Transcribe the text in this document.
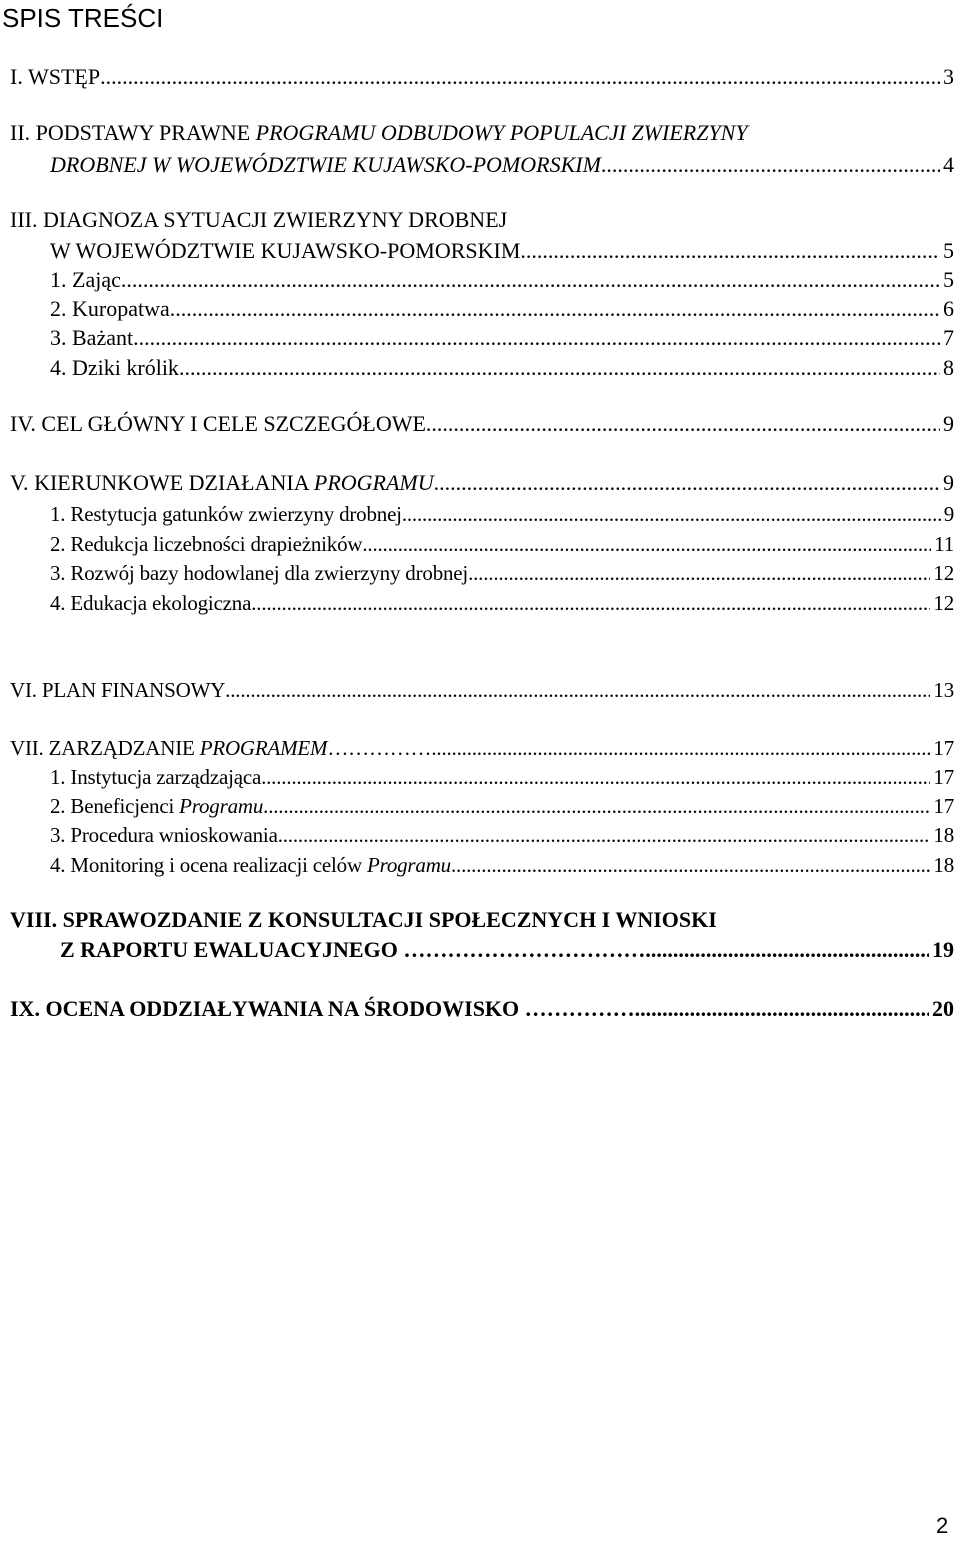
SPIS TREŚCI
I. WSTĘP .....	3
II. PODSTAWY PRAWNE PROGRAMU ODBUDOWY POPULACJI ZWIERZYNY
DROBNEJ W WOJEWÓDZTWIE KUJAWSKO-POMORSKIM .....	4
III. DIAGNOZA SYTUACJI ZWIERZYNY DROBNEJ
W WOJEWÓDZTWIE KUJAWSKO-POMORSKIM .....	5
1. Zając .....	5
2. Kuropatwa .....	6
3. Bażant .....	7
4. Dziki królik .....	8
IV. CEL GŁÓWNY I CELE SZCZEGÓŁOWE .....	9
V. KIERUNKOWE DZIAŁANIA PROGRAMU .....	9
1. Restytucja gatunków zwierzyny drobnej .....	9
2. Redukcja liczebności drapieżników .....	11
3. Rozwój bazy hodowlanej dla zwierzyny drobnej .....	12
4. Edukacja ekologiczna .....	12
VI. PLAN FINANSOWY .....	13
VII. ZARZĄDZANIE PROGRAMEM…………… .....	17
1. Instytucja zarządzająca .....	17
2. Beneficjenci Programu .....	17
3. Procedura wnioskowania .....	18
4. Monitoring i ocena realizacji celów Programu .....	18
VIII. SPRAWOZDANIE Z KONSULTACJI SPOŁECZNYCH I WNIOSKI
Z RAPORTU EWALUACYJNEGO …………………………… .....	19
IX. OCENA ODDZIAŁYWANIA NA ŚRODOWISKO …………… .....	20
2
